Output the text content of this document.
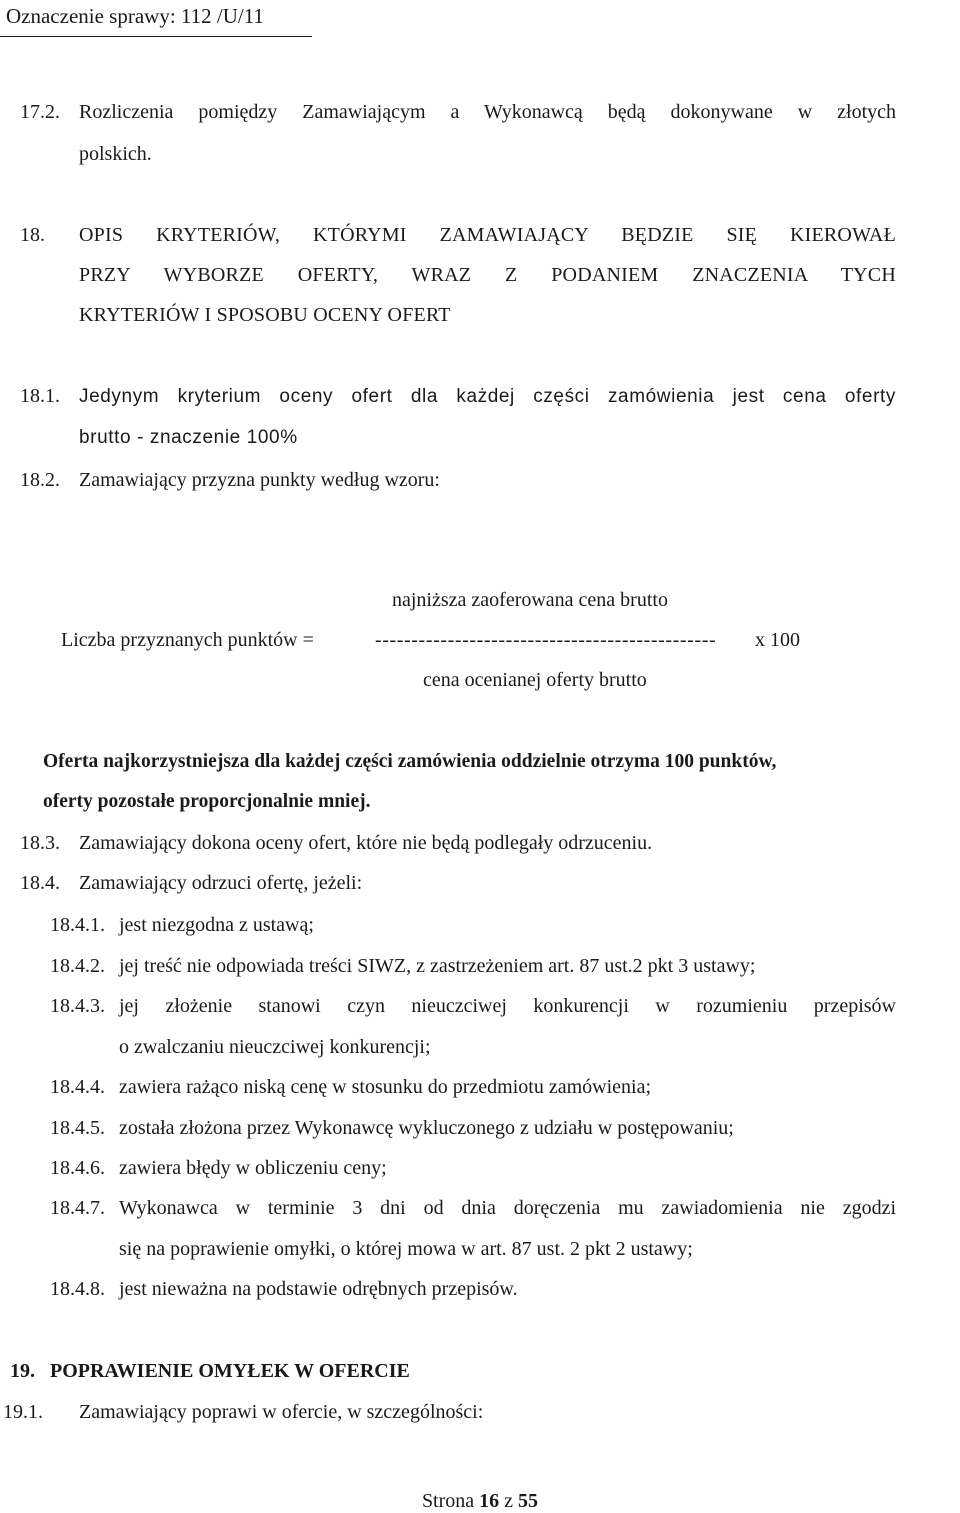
Oznaczenie sprawy: 112 /U/11
17.2. Rozliczenia pomiędzy Zamawiającym a Wykonawcą będą dokonywane w złotych
polskich.
18. OPIS KRYTERIÓW, KTÓRYMI ZAMAWIAJĄCY BĘDZIE SIĘ KIEROWAŁ
PRZY WYBORZE OFERTY, WRAZ Z PODANIEM ZNACZENIA TYCH
KRYTERIÓW I SPOSOBU OCENY OFERT
18.1. Jedynym kryterium oceny ofert dla każdej części zamówienia jest cena oferty
brutto - znaczenie 100%
18.2. Zamawiający przyzna punkty według wzoru:
najniższa zaoferowana cena brutto
Liczba przyznanych punktów =	----------------------------------------------- x 100
cena ocenianej oferty brutto
Oferta najkorzystniejsza dla każdej części zamówienia oddzielnie otrzyma 100 punktów,
oferty pozostałe proporcjonalnie mniej.
18.3. Zamawiający dokona oceny ofert, które nie będą podlegały odrzuceniu.
18.4. Zamawiający odrzuci ofertę, jeżeli:
18.4.1. jest niezgodna z ustawą;
18.4.2. jej treść nie odpowiada treści SIWZ, z zastrzeżeniem art. 87 ust.2 pkt 3 ustawy;
18.4.3. jej złożenie stanowi czyn nieuczciwej konkurencji w rozumieniu przepisów
o zwalczaniu nieuczciwej konkurencji;
18.4.4. zawiera rażąco niską cenę w stosunku do przedmiotu zamówienia;
18.4.5. została złożona przez Wykonawcę wykluczonego z udziału w postępowaniu;
18.4.6. zawiera błędy w obliczeniu ceny;
18.4.7. Wykonawca w terminie 3 dni od dnia doręczenia mu zawiadomienia nie zgodzi
się na poprawienie omyłki, o której mowa w art. 87 ust. 2 pkt 2 ustawy;
18.4.8. jest nieważna na podstawie odrębnych przepisów.
19. POPRAWIENIE OMYŁEK W OFERCIE
19.1. Zamawiający poprawi w ofercie, w szczególności:
Strona 16 z 55
